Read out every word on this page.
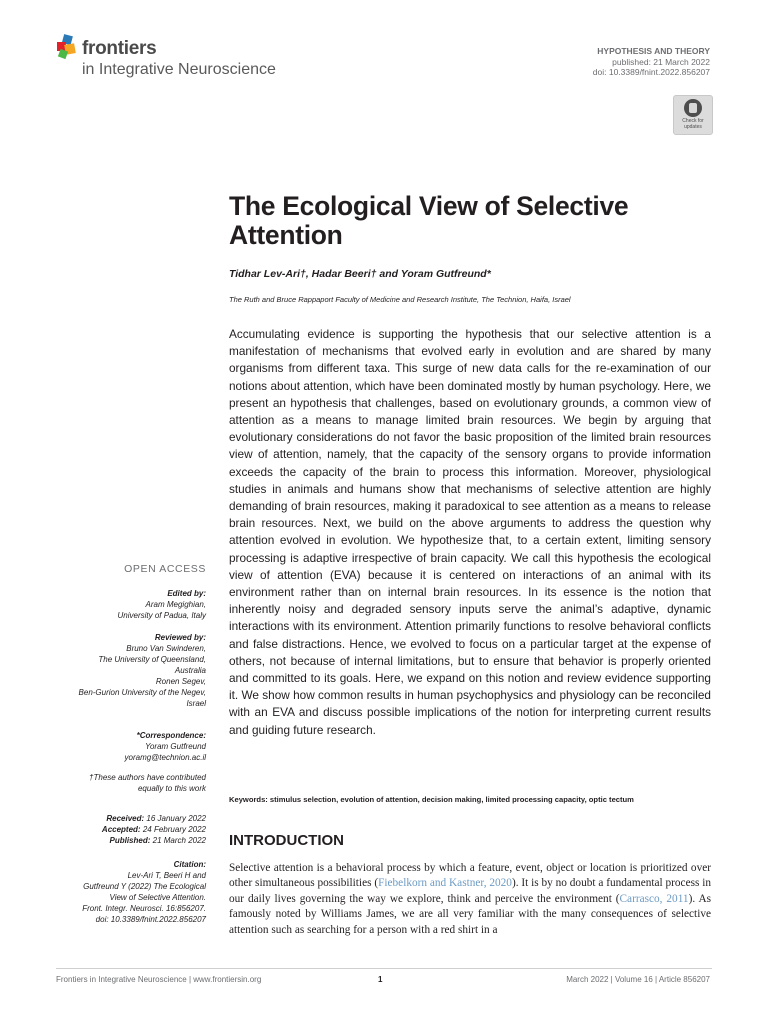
frontiers
in Integrative Neuroscience
HYPOTHESIS AND THEORY
published: 21 March 2022
doi: 10.3389/fnint.2022.856207
Check for
updates
The Ecological View of Selective Attention
Tidhar Lev-Ari†, Hadar Beeri† and Yoram Gutfreund*
The Ruth and Bruce Rappaport Faculty of Medicine and Research Institute, The Technion, Haifa, Israel

Accumulating evidence is supporting the hypothesis that our selective attention is a manifestation of mechanisms that evolved early in evolution and are shared by many organisms from different taxa. This surge of new data calls for the re-examination of our notions about attention, which have been dominated mostly by human psychology. Here, we present an hypothesis that challenges, based on evolutionary grounds, a common view of attention as a means to manage limited brain resources. We begin by arguing that evolutionary considerations do not favor the basic proposition of the limited brain resources view of attention, namely, that the capacity of the sensory organs to provide information exceeds the capacity of the brain to process this information. Moreover, physiological studies in animals and humans show that mechanisms of selective attention are highly demanding of brain resources, making it paradoxical to see attention as a means to release brain resources. Next, we build on the above arguments to address the question why attention evolved in evolution. We hypothesize that, to a certain extent, limiting sensory processing is adaptive irrespective of brain capacity. We call this hypothesis the ecological view of attention (EVA) because it is centered on interactions of an animal with its environment rather than on internal brain resources. In its essence is the notion that inherently noisy and degraded sensory inputs serve the animal’s adaptive, dynamic interactions with its environment. Attention primarily functions to resolve behavioral conflicts and false distractions. Hence, we evolved to focus on a particular target at the expense of others, not because of internal limitations, but to ensure that behavior is properly oriented and committed to its goals. Here, we expand on this notion and review evidence supporting it. We show how common results in human psychophysics and physiology can be reconciled with an EVA and discuss possible implications of the notion for interpreting current results and guiding future research.

Keywords: stimulus selection, evolution of attention, decision making, limited processing capacity, optic tectum
INTRODUCTION

Selective attention is a behavioral process by which a feature, event, object or location is prioritized over other simultaneous possibilities (Fiebelkorn and Kastner, 2020). It is by no doubt a fundamental process in our daily lives governing the way we explore, think and perceive the environment (Carrasco, 2011). As famously noted by Williams James, we are all very familiar with the many consequences of selective attention such as searching for a person with a red shirt in a

OPEN ACCESS
Edited by:
Aram Megighian,
University of Padua, Italy
Reviewed by:
Bruno Van Swinderen,
The University of Queensland,
Australia
Ronen Segev,
Ben-Gurion University of the Negev,
Israel
*Correspondence:
Yoram Gutfreund
yoramg@technion.ac.il
†These authors have contributed
equally to this work
Received: 16 January 2022
Accepted: 24 February 2022
Published: 21 March 2022
Citation:
Lev-Ari T, Beeri H and
Gutfreund Y (2022) The Ecological
View of Selective Attention.
Front. Integr. Neurosci. 16:856207.
doi: 10.3389/fnint.2022.856207
Frontiers in Integrative Neuroscience | www.frontiersin.org	1	March 2022 | Volume 16 | Article 856207
